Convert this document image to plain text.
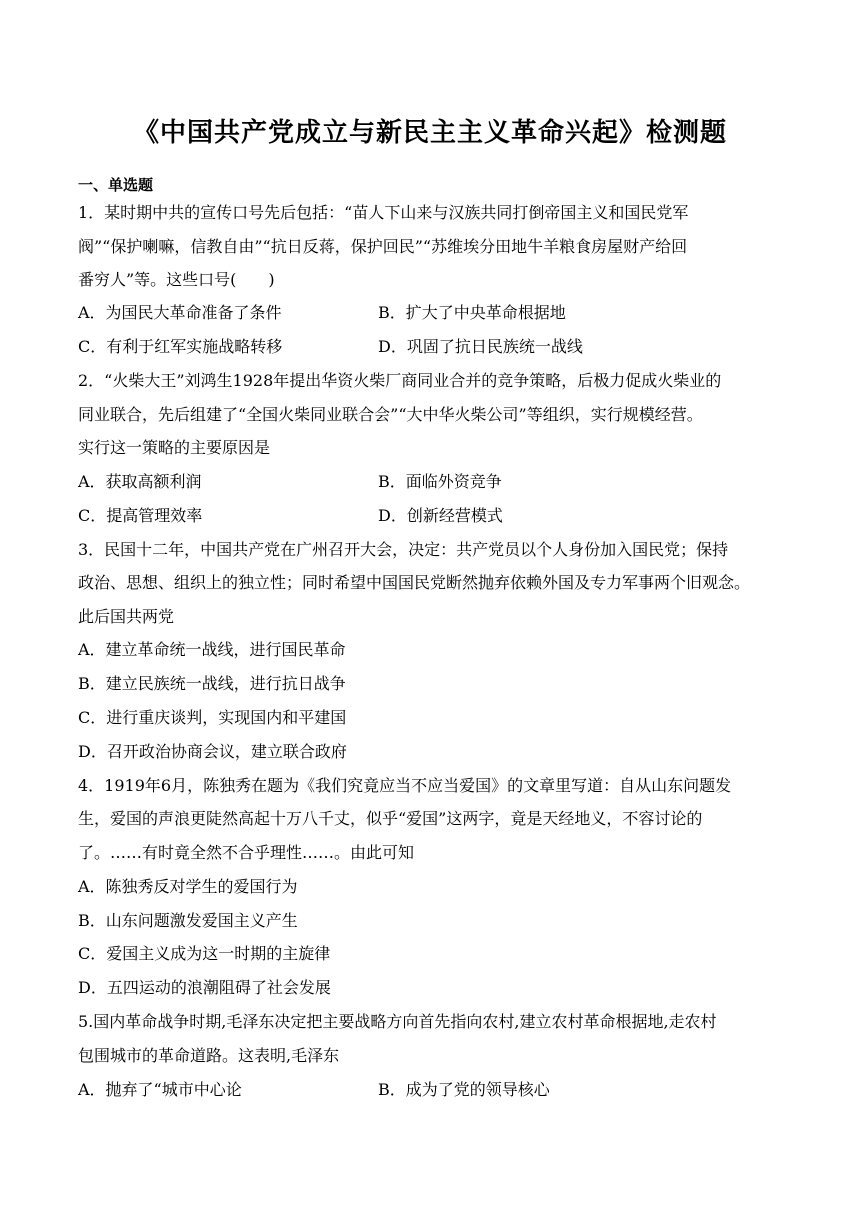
《中国共产党成立与新民主主义革命兴起》检测题
一、单选题
1．某时期中共的宣传口号先后包括：“苗人下山来与汉族共同打倒帝国主义和国民党军
阀”“保护喇嘛，信教自由”“抗日反蒋，保护回民”“苏维埃分田地牛羊粮食房屋财产给回
番穷人”等。这些口号(　　)
A．为国民大革命准备了条件	B．扩大了中央革命根据地
C．有利于红军实施战略转移	D．巩固了抗日民族统一战线
2．“火柴大王”刘鸿生1928年提出华资火柴厂商同业合并的竞争策略，后极力促成火柴业的
同业联合，先后组建了“全国火柴同业联合会”“大中华火柴公司”等组织，实行规模经营。
实行这一策略的主要原因是
A．获取高额利润	B．面临外资竞争
C．提高管理效率	D．创新经营模式
3．民国十二年，中国共产党在广州召开大会，决定：共产党员以个人身份加入国民党；保持
政治、思想、组织上的独立性；同时希望中国国民党断然抛弃依赖外国及专力军事两个旧观念。
此后国共两党
A．建立革命统一战线，进行国民革命
B．建立民族统一战线，进行抗日战争
C．进行重庆谈判，实现国内和平建国
D．召开政治协商会议，建立联合政府
4．1919年6月，陈独秀在题为《我们究竟应当不应当爱国》的文章里写道：自从山东问题发
生，爱国的声浪更陡然高起十万八千丈，似乎“爱国”这两字，竟是天经地义，不容讨论的
了。……有时竟全然不合乎理性……。由此可知
A．陈独秀反对学生的爱国行为
B．山东问题激发爱国主义产生
C．爱国主义成为这一时期的主旋律
D．五四运动的浪潮阻碍了社会发展
5.国内革命战争时期,毛泽东决定把主要战略方向首先指向农村,建立农村革命根据地,走农村
包围城市的革命道路。这表明,毛泽东
A．抛弃了“城市中心论	B．成为了党的领导核心
